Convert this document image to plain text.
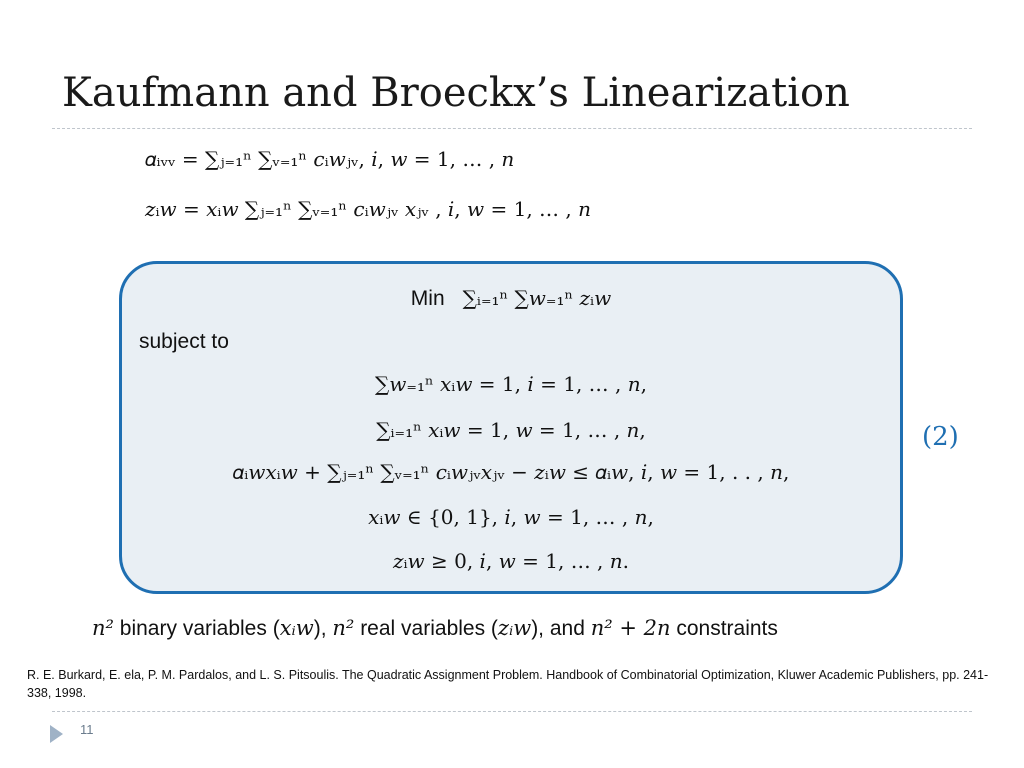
Kaufmann and Broeckx’s Linearization
𝛼ᵢᵥᵥ = ∑ⱼ₌₁ⁿ ∑ᵥ₌₁ⁿ 𝑐ᵢ𝑤ⱼᵥ, 𝑖, 𝑤 = 1, … , 𝑛
𝑧ᵢ𝑤 = 𝑥ᵢ𝑤 ∑ⱼ₌₁ⁿ ∑ᵥ₌₁ⁿ 𝑐ᵢ𝑤ⱼᵥ 𝑥ⱼᵥ , 𝑖, 𝑤 = 1, … , 𝑛
Min ∑ᵢ₌₁ⁿ ∑𝑤₌₁ⁿ 𝑧ᵢ𝑤
subject to
∑𝑤₌₁ⁿ 𝑥ᵢ𝑤 = 1, 𝑖 = 1, … , 𝑛,
∑ᵢ₌₁ⁿ 𝑥ᵢ𝑤 = 1, 𝑤 = 1, … , 𝑛,
𝛼ᵢ𝑤𝑥ᵢ𝑤 + ∑ⱼ₌₁ⁿ ∑ᵥ₌₁ⁿ 𝑐ᵢ𝑤ⱼᵥ𝑥ⱼᵥ − 𝑧ᵢ𝑤 ≤ 𝛼ᵢ𝑤, 𝑖, 𝑤 = 1, . . , 𝑛,
𝑥ᵢ𝑤 ∈ {0, 1}, 𝑖, 𝑤 = 1, … , 𝑛,
𝑧ᵢ𝑤 ≥ 0, 𝑖, 𝑤 = 1, … , 𝑛.
(2)
𝑛² binary variables (𝑥ᵢ𝑤), 𝑛² real variables (𝑧ᵢ𝑤), and 𝑛² + 2𝑛 constraints
R. E. Burkard, E. ela, P. M. Pardalos, and L. S. Pitsoulis. The Quadratic Assignment Problem. Handbook of Combinatorial Optimization, Kluwer Academic Publishers, pp. 241-338, 1998.
11
